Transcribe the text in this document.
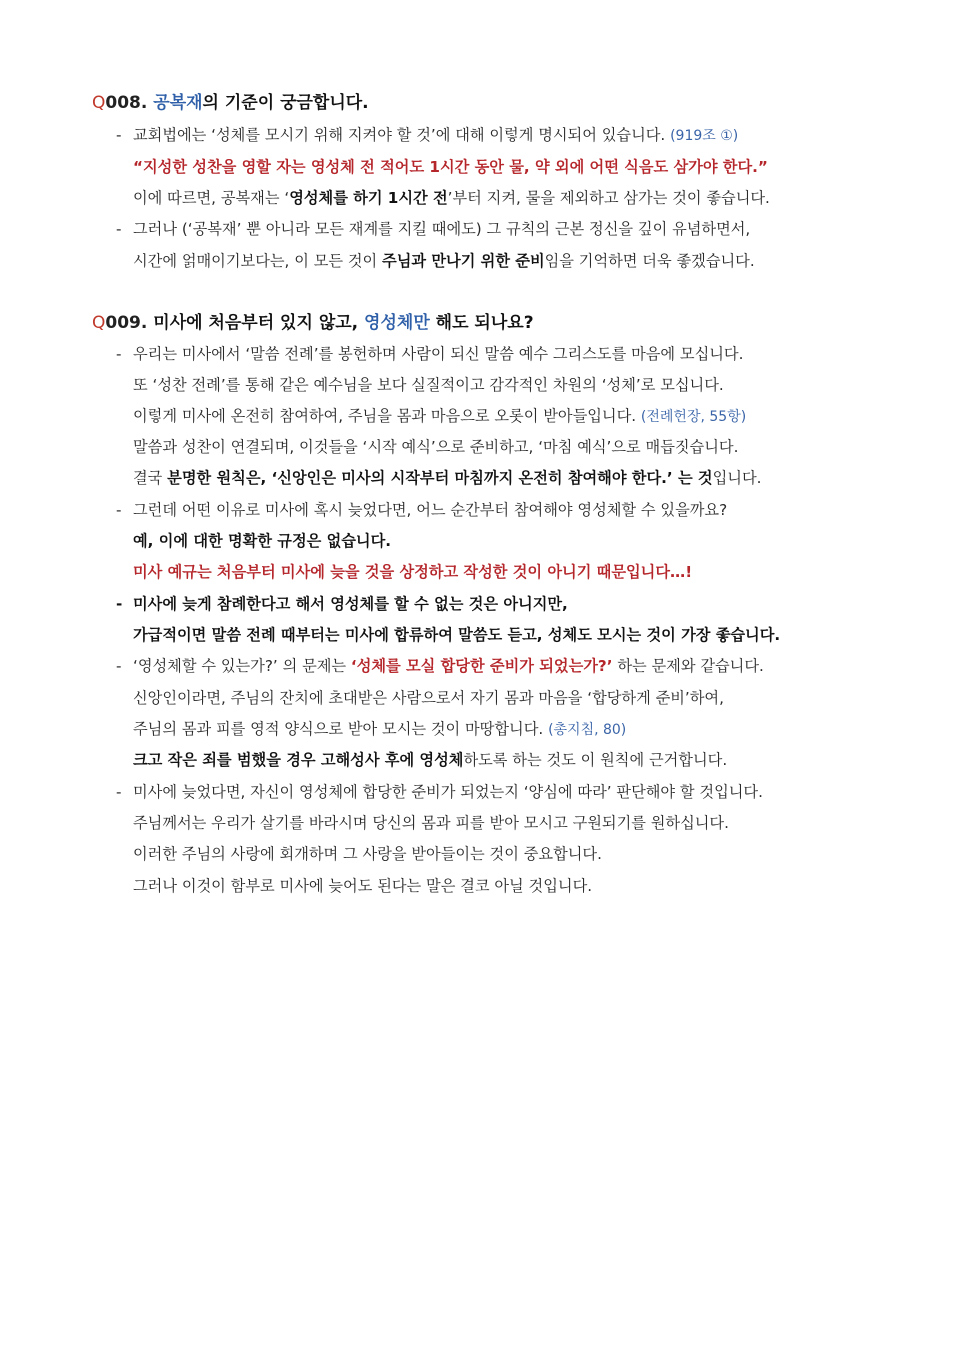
Q008. 공복재의 기준이 궁금합니다.
- 교회법에는 ‘성체를 모시기 위해 지켜야 할 것’에 대해 이렇게 명시되어 있습니다. (919조 ①)
“지성한 성찬을 영할 자는 영성체 전 적어도 1시간 동안 물, 약 외에 어떤 식음도 삼가야 한다.”
이에 따르면, 공복재는 ‘영성체를 하기 1시간 전’부터 지켜, 물을 제외하고 삼가는 것이 좋습니다.
- 그러나 (‘공복재’ 뿐 아니라 모든 재계를 지킬 때에도) 그 규칙의 근본 정신을 깊이 유념하면서,
시간에 얽매이기보다는, 이 모든 것이 주님과 만나기 위한 준비임을 기억하면 더욱 좋겠습니다.
Q009. 미사에 처음부터 있지 않고, 영성체만 해도 되나요?
- 우리는 미사에서 ‘말씀 전례’를 봉헌하며 사람이 되신 말씀 예수 그리스도를 마음에 모십니다.
또 ‘성찬 전례’를 통해 같은 예수님을 보다 실질적이고 감각적인 차원의 ‘성체’로 모십니다.
이렇게 미사에 온전히 참여하여, 주님을 몸과 마음으로 오롯이 받아들입니다. (전례헌장, 55항)
말씀과 성찬이 연결되며, 이것들을 ‘시작 예식’으로 준비하고, ‘마침 예식’으로 매듭짓습니다.
결국 분명한 원칙은, ‘신앙인은 미사의 시작부터 마침까지 온전히 참여해야 한다.’ 는 것입니다.
- 그런데 어떤 이유로 미사에 혹시 늦었다면, 어느 순간부터 참여해야 영성체할 수 있을까요?
예, 이에 대한 명확한 규정은 없습니다.
미사 예규는 처음부터 미사에 늦을 것을 상정하고 작성한 것이 아니기 때문입니다…!
- 미사에 늦게 참례한다고 해서 영성체를 할 수 없는 것은 아니지만,
가급적이면 말씀 전례 때부터는 미사에 합류하여 말씀도 듣고, 성체도 모시는 것이 가장 좋습니다.
- ‘영성체할 수 있는가?’ 의 문제는 ‘성체를 모실 합당한 준비가 되었는가?’ 하는 문제와 같습니다.
신앙인이라면, 주님의 잔치에 초대받은 사람으로서 자기 몸과 마음을 ‘합당하게 준비’하여,
주님의 몸과 피를 영적 양식으로 받아 모시는 것이 마땅합니다. (총지침, 80)
크고 작은 죄를 범했을 경우 고해성사 후에 영성체하도록 하는 것도 이 원칙에 근거합니다.
- 미사에 늦었다면, 자신이 영성체에 합당한 준비가 되었는지 ‘양심에 따라’ 판단해야 할 것입니다.
주님께서는 우리가 살기를 바라시며 당신의 몸과 피를 받아 모시고 구원되기를 원하십니다.
이러한 주님의 사랑에 회개하며 그 사랑을 받아들이는 것이 중요합니다.
그러나 이것이 함부로 미사에 늦어도 된다는 말은 결코 아닐 것입니다.
